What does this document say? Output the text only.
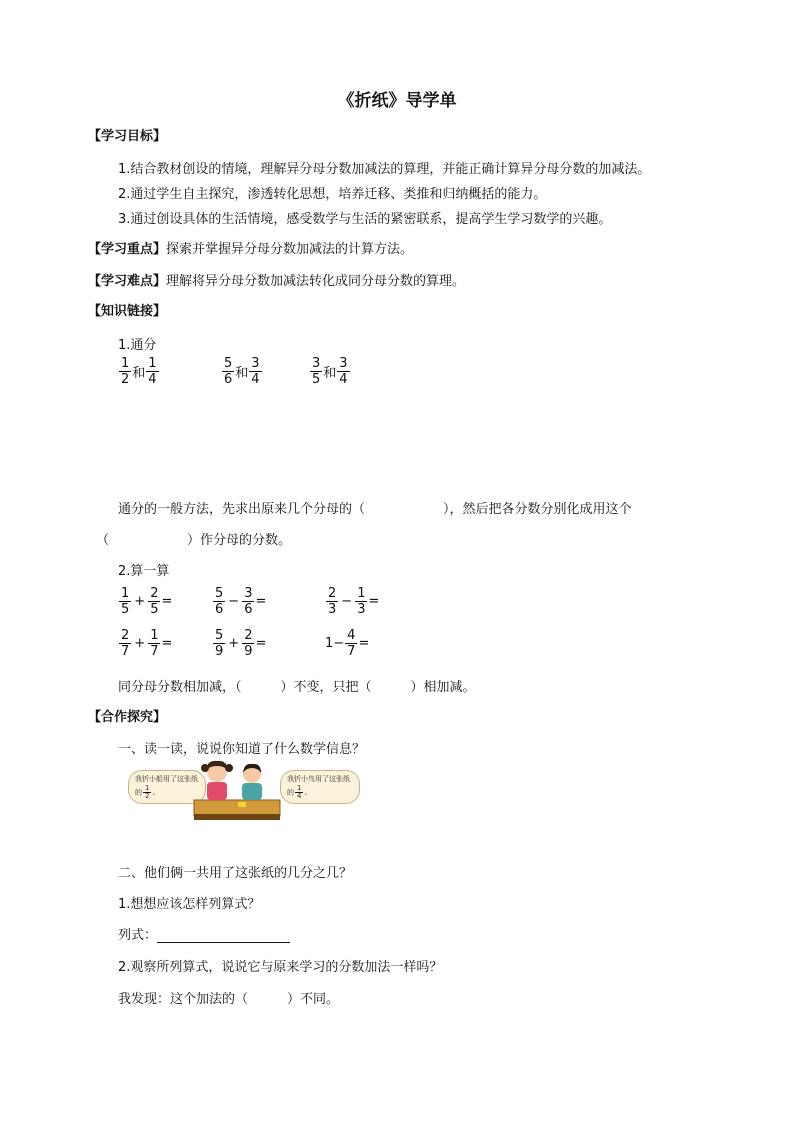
《折纸》导学单
【学习目标】
1.结合教材创设的情境，理解异分母分数加减法的算理，并能正确计算异分母分数的加减法。
2.通过学生自主探究，渗透转化思想，培养迁移、类推和归纳概括的能力。
3.通过创设具体的生活情境，感受数学与生活的紧密联系，提高学生学习数学的兴趣。
【学习重点】探索并掌握异分母分数加减法的计算方法。
【学习难点】理解将异分母分数加减法转化成同分母分数的算理。
【知识链接】
1.通分
$\frac{1}{2}$ 和 $\frac{1}{4}$	$\frac{5}{6}$ 和 $\frac{3}{4}$	$\frac{3}{5}$ 和 $\frac{3}{4}$
通分的一般方法，先求出原来几个分母的（　　　　　　），然后把各分数分别化成用这个
（　　　　　　）作分母的分数。
2.算一算
$\frac{1}{5} + \frac{2}{5}$ =	$\frac{5}{6} - \frac{3}{6}$ =	$\frac{2}{3} - \frac{1}{3}$ =
$\frac{2}{7} + \frac{1}{7}$ =	$\frac{5}{9} + \frac{2}{9}$ =	$1- \frac{4}{7}$ =
同分母分数相加减，（　　　）不变，只把（　　　）相加减。
【合作探究】
一、读一读，说说你知道了什么数学信息？
我折小船用了这张纸的 $\frac{1}{2}$ 。
我折小鸟用了这张纸的 $\frac{1}{4}$ 。
二、他们俩一共用了这张纸的几分之几？
1.想想应该怎样列算式？
列式：
2.观察所列算式，说说它与原来学习的分数加法一样吗？
我发现：这个加法的（　　　）不同。
